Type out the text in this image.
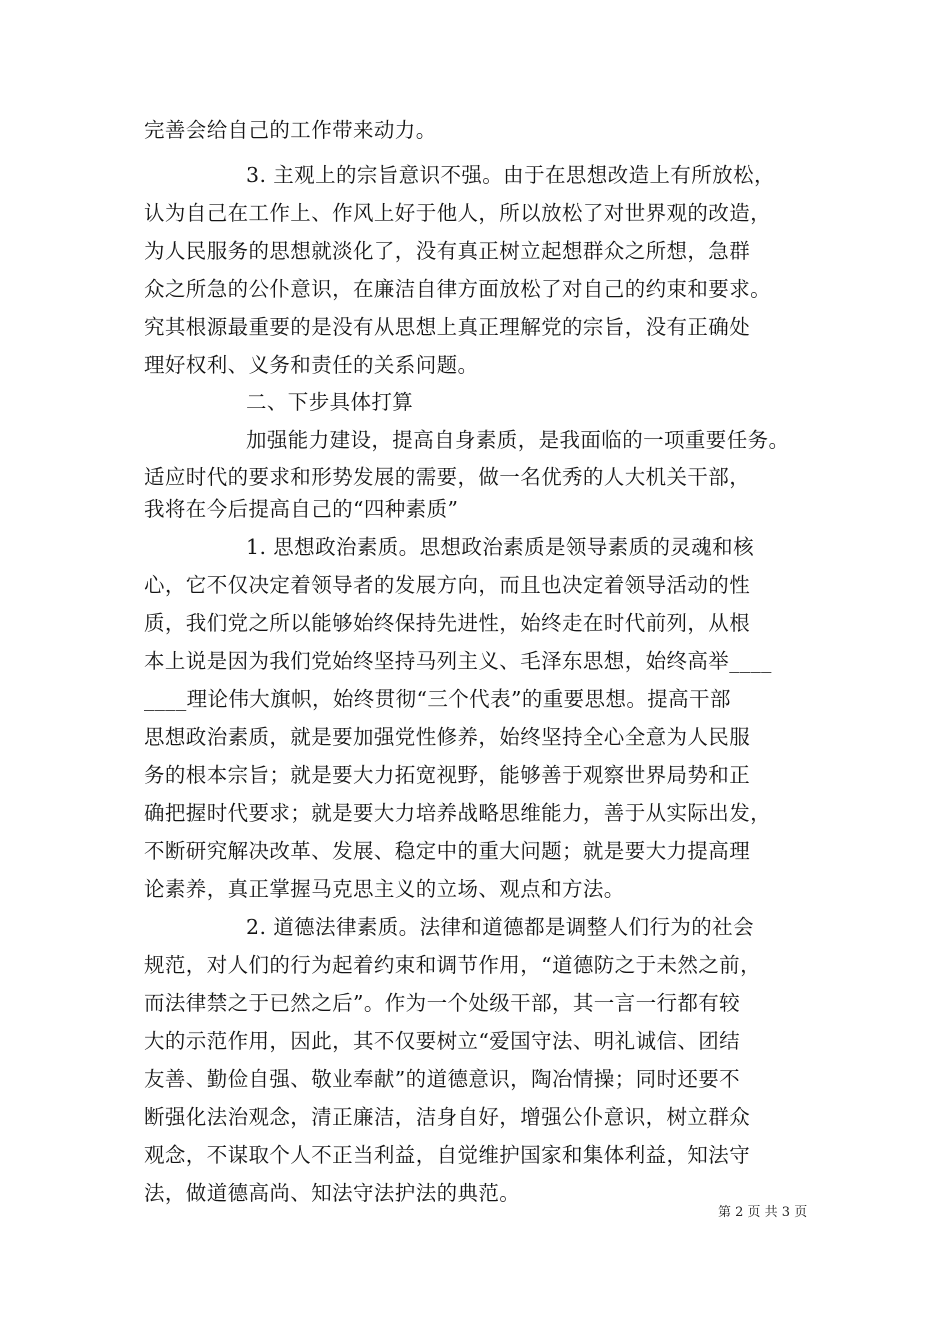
完善会给自己的工作带来动力。
3. 主观上的宗旨意识不强。由于在思想改造上有所放松，
认为自己在工作上、作风上好于他人，所以放松了对世界观的改造，
为人民服务的思想就淡化了，没有真正树立起想群众之所想，急群
众之所急的公仆意识，在廉洁自律方面放松了对自己的约束和要求。
究其根源最重要的是没有从思想上真正理解党的宗旨，没有正确处
理好权利、义务和责任的关系问题。
二、下步具体打算
加强能力建设，提高自身素质，是我面临的一项重要任务。
适应时代的要求和形势发展的需要，做一名优秀的人大机关干部，
我将在今后提高自己的“四种素质”
1. 思想政治素质。思想政治素质是领导素质的灵魂和核
心，它不仅决定着领导者的发展方向，而且也决定着领导活动的性
质，我们党之所以能够始终保持先进性，始终走在时代前列，从根
本上说是因为我们党始终坚持马列主义、毛泽东思想，始终高举____
____理论伟大旗帜，始终贯彻“三个代表”的重要思想。提高干部
思想政治素质，就是要加强党性修养，始终坚持全心全意为人民服
务的根本宗旨；就是要大力拓宽视野，能够善于观察世界局势和正
确把握时代要求；就是要大力培养战略思维能力，善于从实际出发，
不断研究解决改革、发展、稳定中的重大问题；就是要大力提高理
论素养，真正掌握马克思主义的立场、观点和方法。
2. 道德法律素质。法律和道德都是调整人们行为的社会
规范，对人们的行为起着约束和调节作用，“道德防之于未然之前，
而法律禁之于已然之后”。作为一个处级干部，其一言一行都有较
大的示范作用，因此，其不仅要树立“爱国守法、明礼诚信、团结
友善、勤俭自强、敬业奉献”的道德意识，陶冶情操；同时还要不
断强化法治观念，清正廉洁，洁身自好，增强公仆意识，树立群众
观念，不谋取个人不正当利益，自觉维护国家和集体利益，知法守
法，做道德高尚、知法守法护法的典范。
第 2 页 共 3 页
